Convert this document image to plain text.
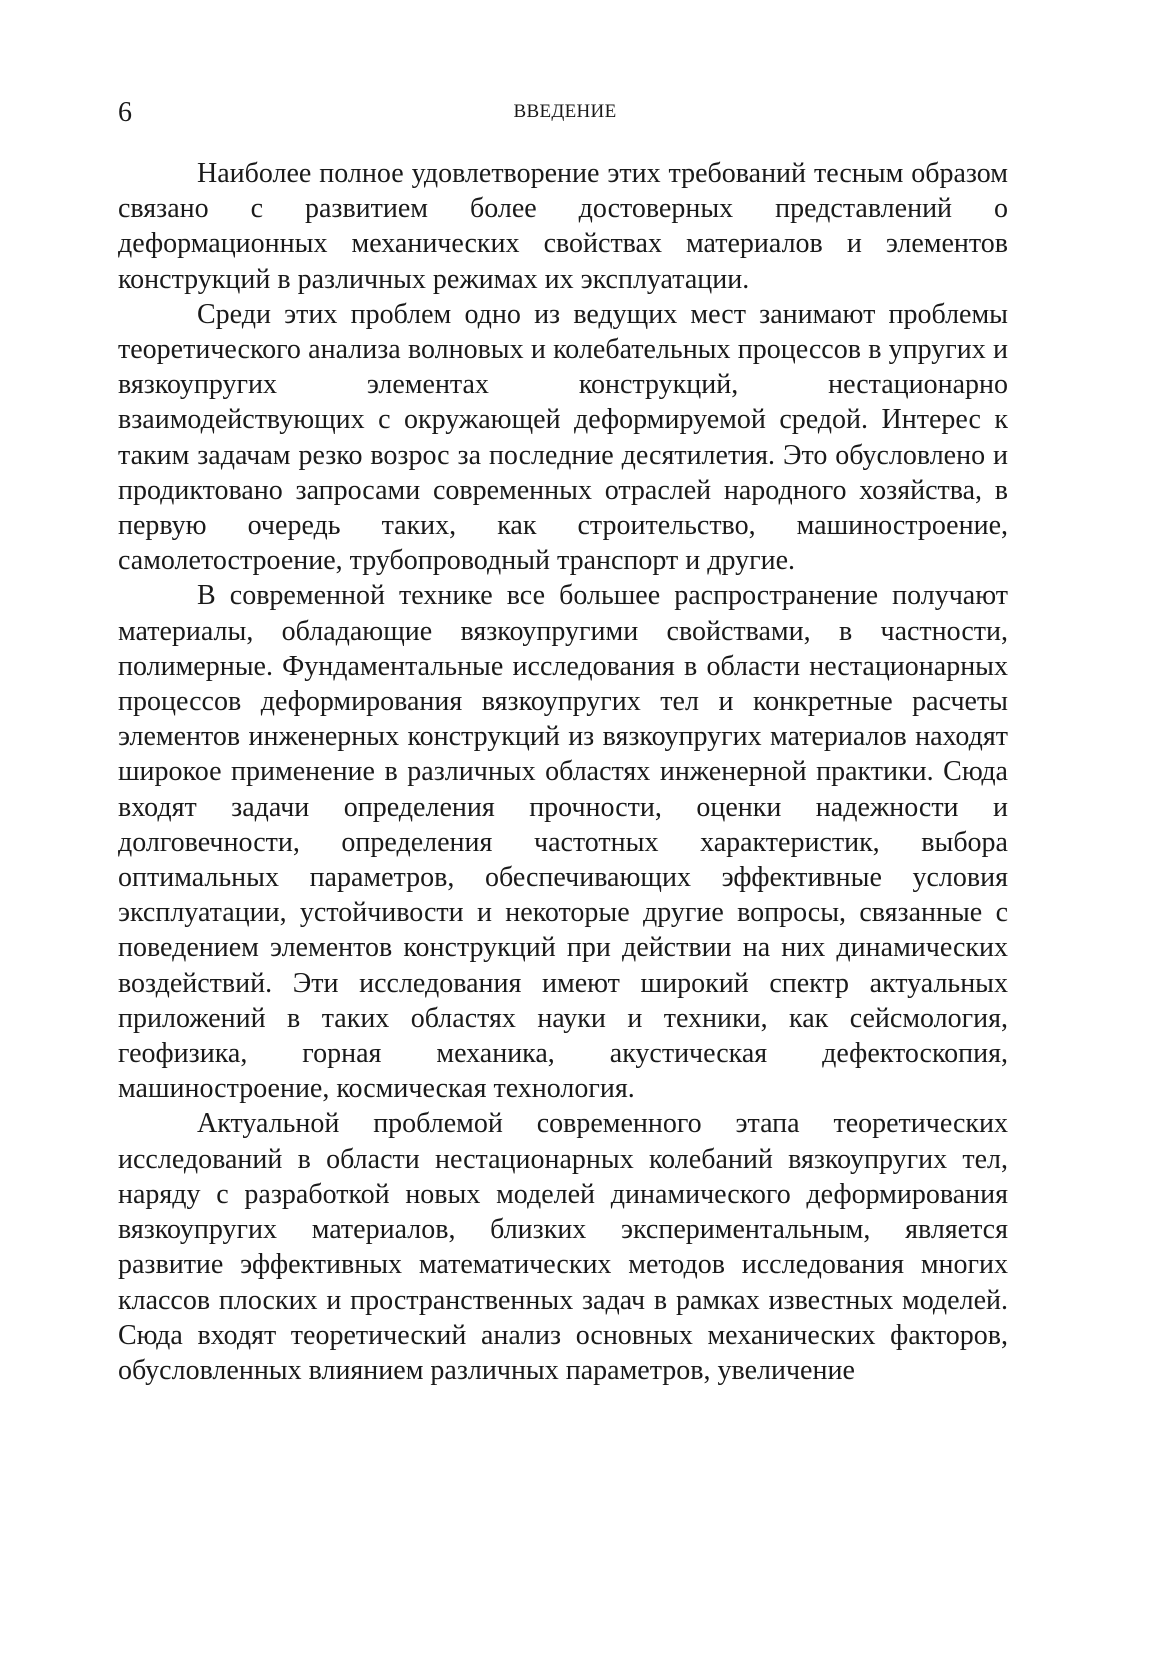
6	ВВЕДЕНИЕ

Наиболее полное удовлетворение этих требований тесным образом связано с развитием более достоверных представлений о деформационных механических свойствах материалов и элементов конструкций в различных режимах их эксплуатации.

Среди этих проблем одно из ведущих мест занимают проблемы теоретического анализа волновых и колебательных процессов в упругих и вязкоупругих элементах конструкций, нестационарно взаимодействующих с окружающей деформируемой средой. Интерес к таким задачам резко возрос за последние десятилетия. Это обусловлено и продиктовано запросами современных отраслей народного хозяйства, в первую очередь таких, как строительство, машиностроение, самолетостроение, трубопроводный транспорт и другие.

В современной технике все большее распространение получают материалы, обладающие вязкоупругими свойствами, в частности, полимерные. Фундаментальные исследования в области нестационарных процессов деформирования вязкоупругих тел и конкретные расчеты элементов инженерных конструкций из вязкоупругих материалов находят широкое применение в различных областях инженерной практики. Сюда входят задачи определения прочности, оценки надежности и долговечности, определения частотных характеристик, выбора оптимальных параметров, обеспечивающих эффективные условия эксплуатации, устойчивости и некоторые другие вопросы, связанные с поведением элементов конструкций при действии на них динамических воздействий. Эти исследования имеют широкий спектр актуальных приложений в таких областях науки и техники, как сейсмология, геофизика, горная механика, акустическая дефектоскопия, машиностроение, космическая технология.

Актуальной проблемой современного этапа теоретических исследований в области нестационарных колебаний вязкоупругих тел, наряду с разработкой новых моделей динамического деформирования вязкоупругих материалов, близких экспериментальным, является развитие эффективных математических методов исследования многих классов плоских и пространственных задач в рамках известных моделей. Сюда входят теоретический анализ основных механических факторов, обусловленных влиянием различных параметров, увеличение
